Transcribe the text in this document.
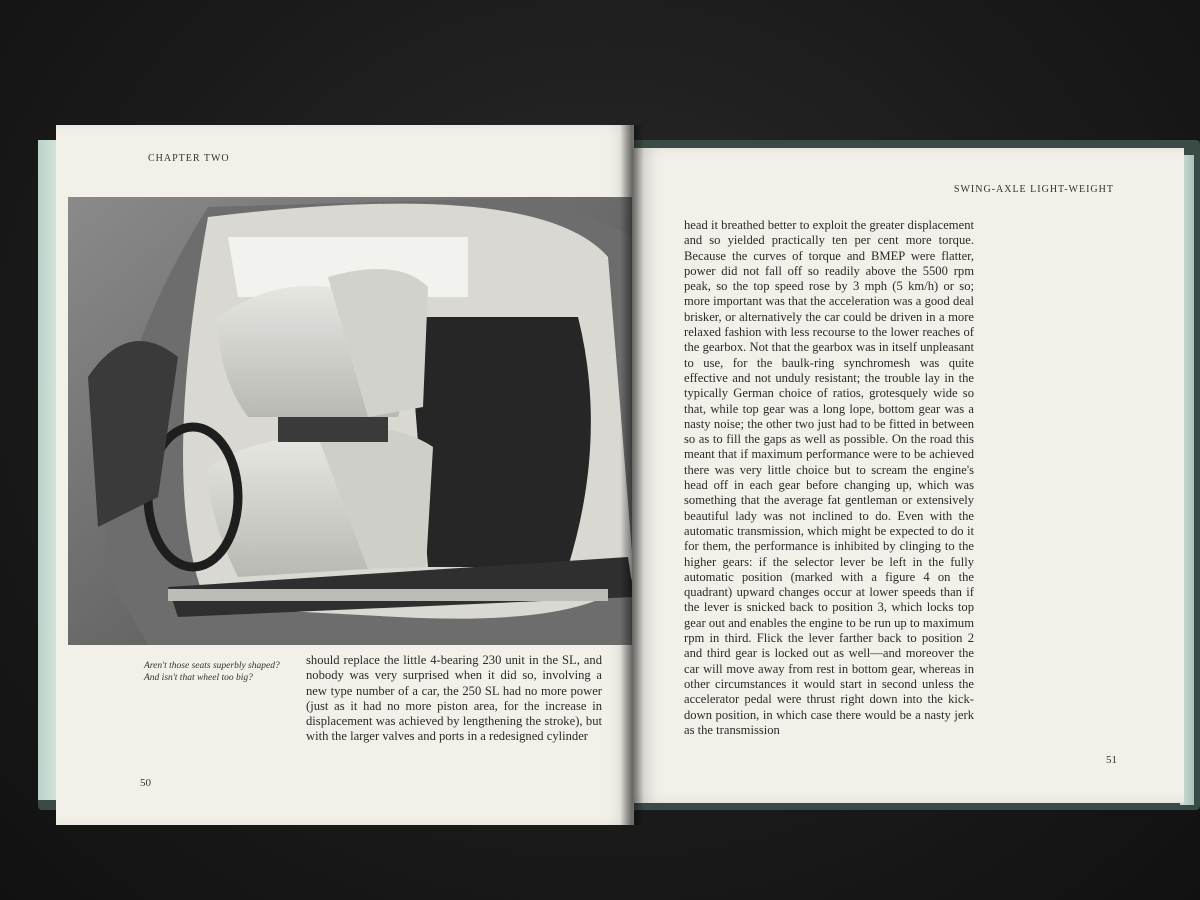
CHAPTER TWO
Aren't those seats superbly shaped? And isn't that wheel too big?
should replace the little 4-bearing 230 unit in the SL, and nobody was very surprised when it did so, involving a new type number of a car, the 250 SL had no more power (just as it had no more piston area, for the increase in displacement was achieved by lengthening the stroke), but with the larger valves and ports in a redesigned cylinder
50
SWING-AXLE LIGHT-WEIGHT
head it breathed better to exploit the greater displacement and so yielded practically ten per cent more torque. Because the curves of torque and BMEP were flatter, power did not fall off so readily above the 5500 rpm peak, so the top speed rose by 3 mph (5 km/h) or so; more important was that the acceleration was a good deal brisker, or alternatively the car could be driven in a more relaxed fashion with less recourse to the lower reaches of the gearbox. Not that the gearbox was in itself unpleasant to use, for the baulk-ring synchromesh was quite effective and not unduly resistant; the trouble lay in the typically German choice of ratios, grotesquely wide so that, while top gear was a long lope, bottom gear was a nasty noise; the other two just had to be fitted in between so as to fill the gaps as well as possible. On the road this meant that if maximum performance were to be achieved there was very little choice but to scream the engine's head off in each gear before changing up, which was something that the average fat gentleman or extensively beautiful lady was not inclined to do. Even with the automatic transmission, which might be expected to do it for them, the performance is inhibited by clinging to the higher gears: if the selector lever be left in the fully automatic position (marked with a figure 4 on the quadrant) upward changes occur at lower speeds than if the lever is snicked back to position 3, which locks top gear out and enables the engine to be run up to maximum rpm in third. Flick the lever farther back to position 2 and third gear is locked out as well—and moreover the car will move away from rest in bottom gear, whereas in other circumstances it would start in second unless the accelerator pedal were thrust right down into the kick-down position, in which case there would be a nasty jerk as the transmission
51
